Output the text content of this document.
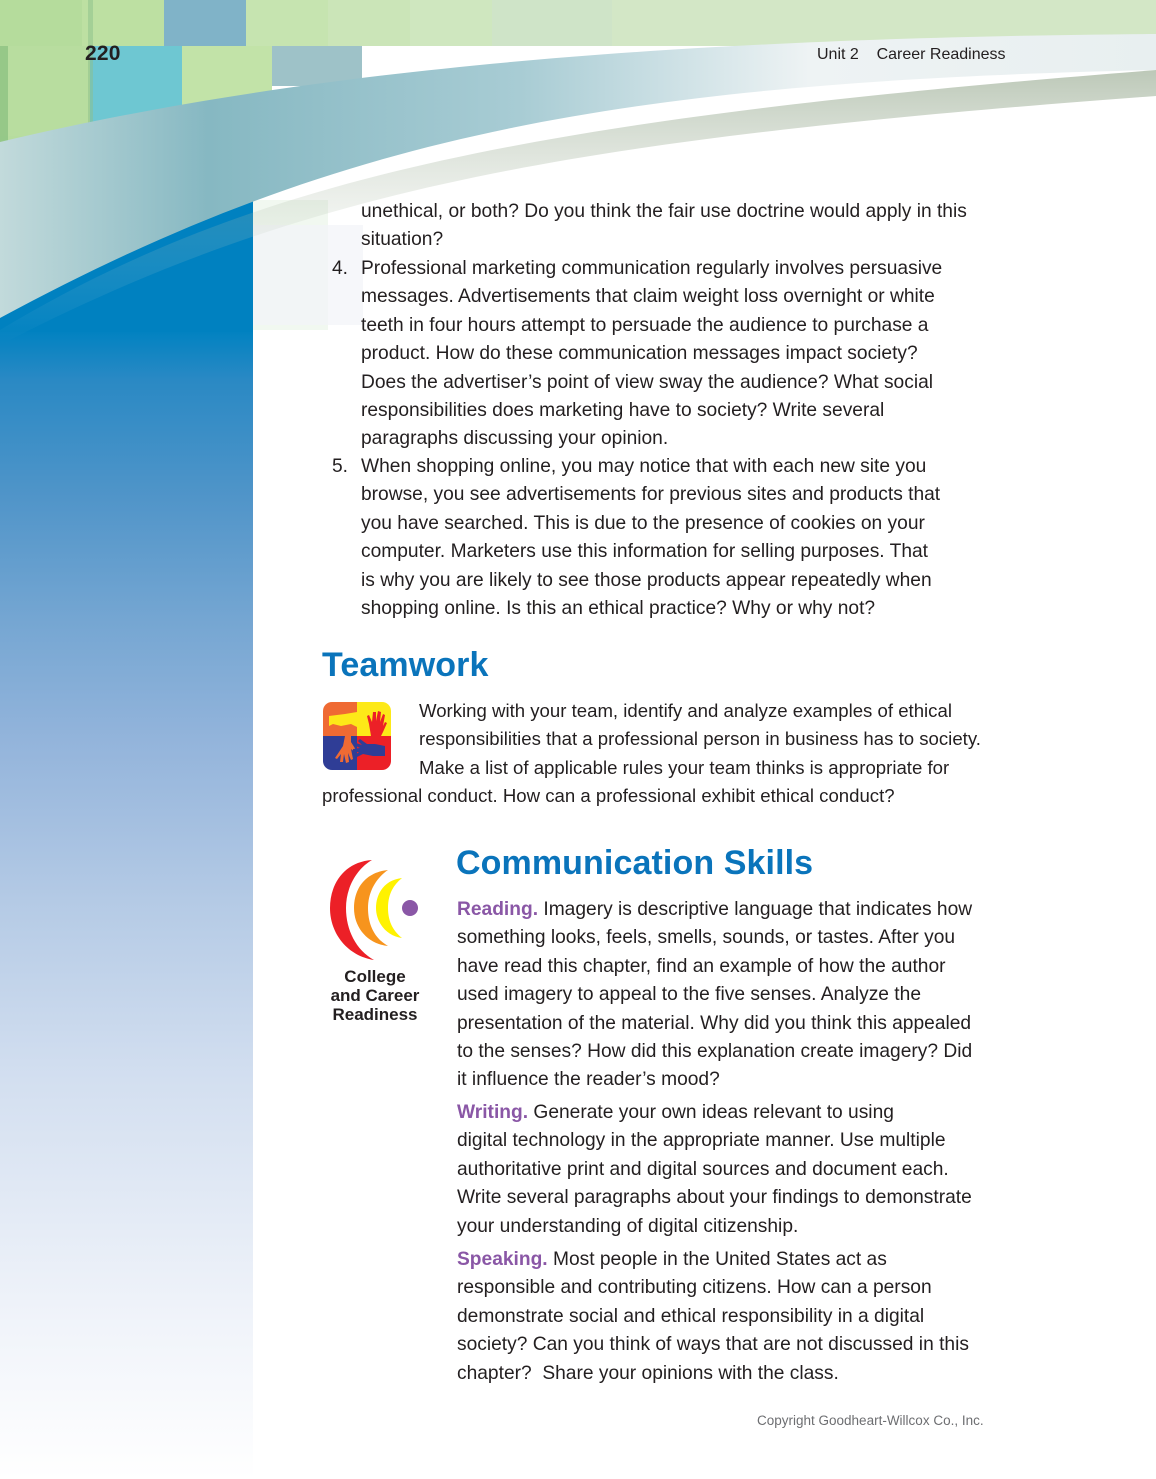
220	Unit 2    Career Readiness
unethical, or both? Do you think the fair use doctrine would apply in this
situation?
4. Professional marketing communication regularly involves persuasive
messages. Advertisements that claim weight loss overnight or white
teeth in four hours attempt to persuade the audience to purchase a
product. How do these communication messages impact society?
Does the advertiser’s point of view sway the audience? What social
responsibilities does marketing have to society? Write several
paragraphs discussing your opinion.
5. When shopping online, you may notice that with each new site you
browse, you see advertisements for previous sites and products that
you have searched. This is due to the presence of cookies on your
computer. Marketers use this information for selling purposes. That
is why you are likely to see those products appear repeatedly when
shopping online. Is this an ethical practice? Why or why not?
Teamwork
Working with your team, identify and analyze examples of ethical
responsibilities that a professional person in business has to society.
Make a list of applicable rules your team thinks is appropriate for
professional conduct. How can a professional exhibit ethical conduct?
College
and Career
Readiness
Communication Skills
Reading. Imagery is descriptive language that indicates how
something looks, feels, smells, sounds, or tastes. After you
have read this chapter, find an example of how the author
used imagery to appeal to the five senses. Analyze the
presentation of the material. Why did you think this appealed
to the senses? How did this explanation create imagery? Did
it influence the reader’s mood?
Writing. Generate your own ideas relevant to using
digital technology in the appropriate manner. Use multiple
authoritative print and digital sources and document each.
Write several paragraphs about your findings to demonstrate
your understanding of digital citizenship.
Speaking. Most people in the United States act as
responsible and contributing citizens. How can a person
demonstrate social and ethical responsibility in a digital
society? Can you think of ways that are not discussed in this
chapter?  Share your opinions with the class.
Copyright Goodheart-Willcox Co., Inc.
